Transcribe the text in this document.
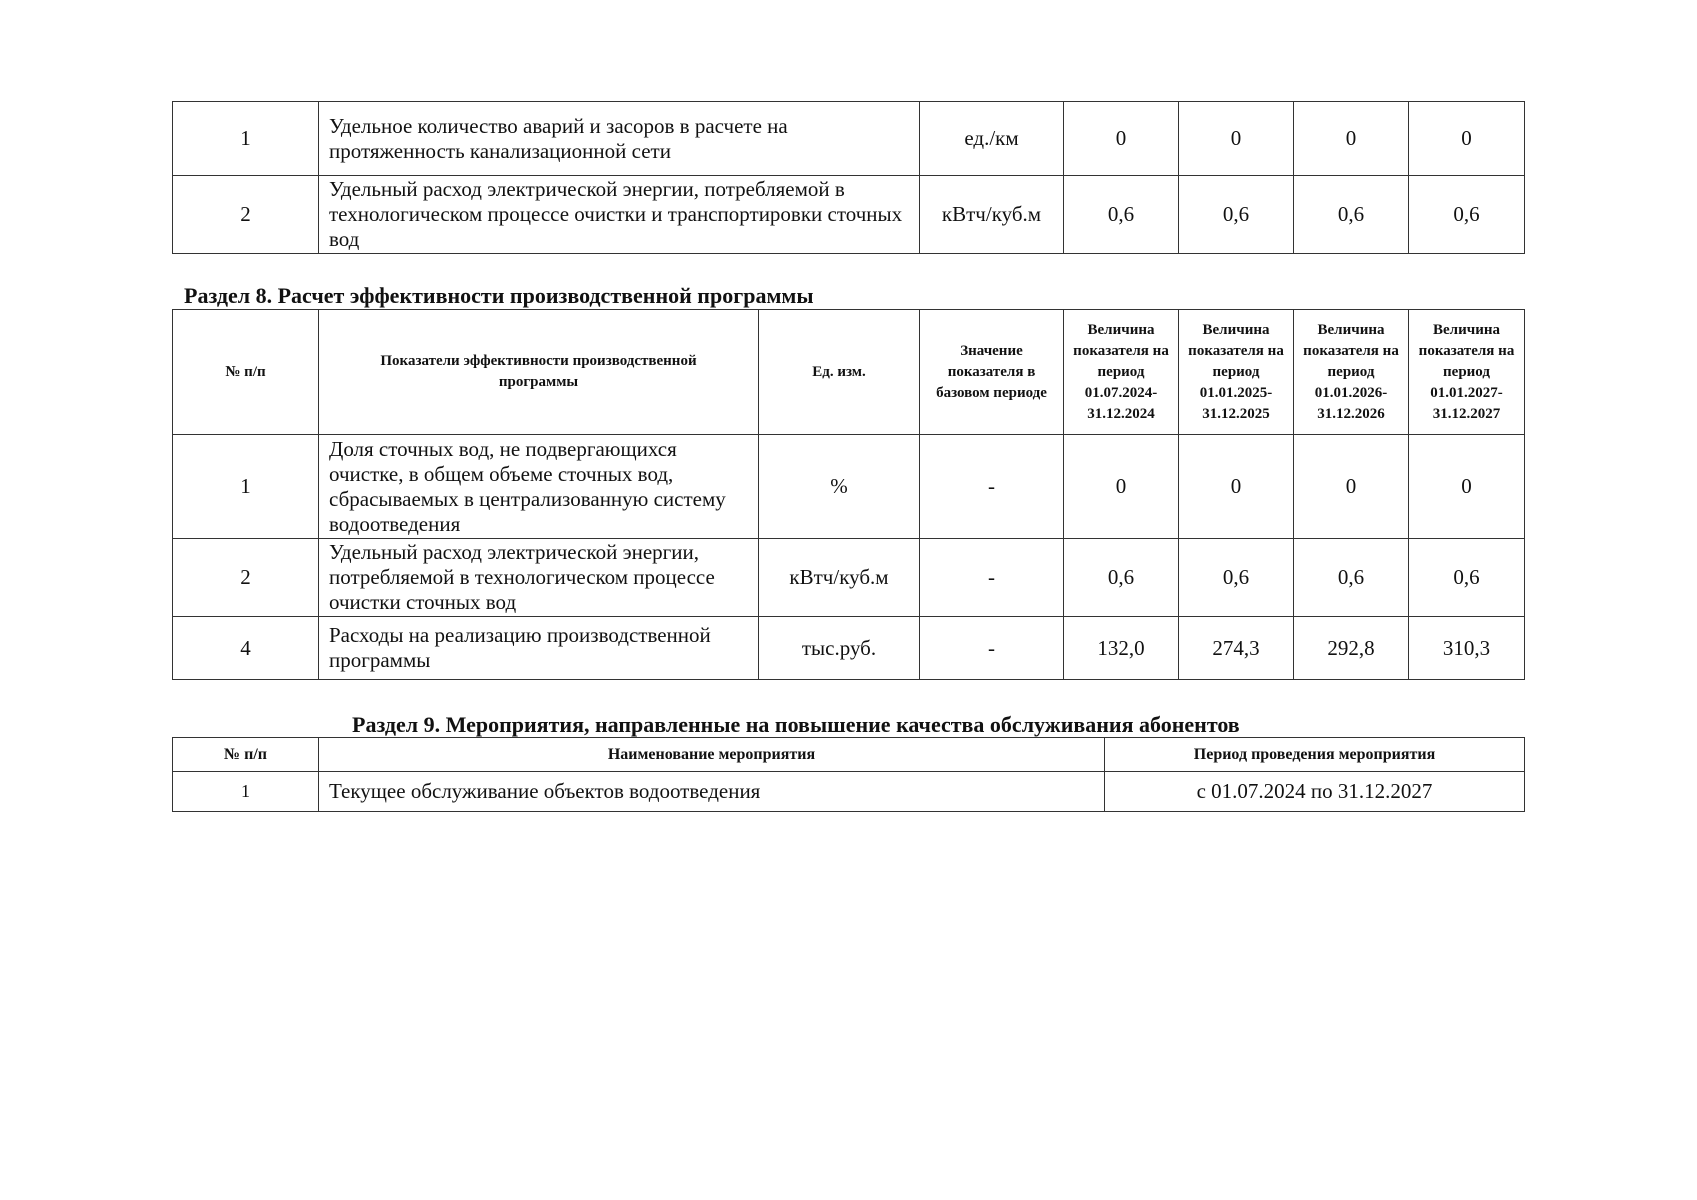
1	Удельное количество аварий и засоров в расчете на протяженность канализационной сети	ед./км	0	0	0	0
2	Удельный расход электрической энергии, потребляемой в технологическом процессе очистки и транспортировки сточных вод	кВтч/куб.м	0,6	0,6	0,6	0,6
Раздел 8. Расчет эффективности производственной программы
№ п/п	Показатели эффективности производственной программы	Ед. изм.	Значение показателя в базовом периоде	Величина показателя на период 01.07.2024-31.12.2024	Величина показателя на период 01.01.2025-31.12.2025	Величина показателя на период 01.01.2026-31.12.2026	Величина показателя на период 01.01.2027-31.12.2027
1	Доля сточных вод, не подвергающихся очистке, в общем объеме сточных вод, сбрасываемых в централизованную систему водоотведения	%	-	0	0	0	0
2	Удельный расход электрической энергии, потребляемой в технологическом процессе очистки сточных вод	кВтч/куб.м	-	0,6	0,6	0,6	0,6
4	Расходы на реализацию производственной программы	тыс.руб.	-	132,0	274,3	292,8	310,3
Раздел 9. Мероприятия, направленные на повышение качества обслуживания абонентов
№ п/п	Наименование мероприятия	Период проведения мероприятия
1	Текущее обслуживание объектов водоотведения	с 01.07.2024 по 31.12.2027
